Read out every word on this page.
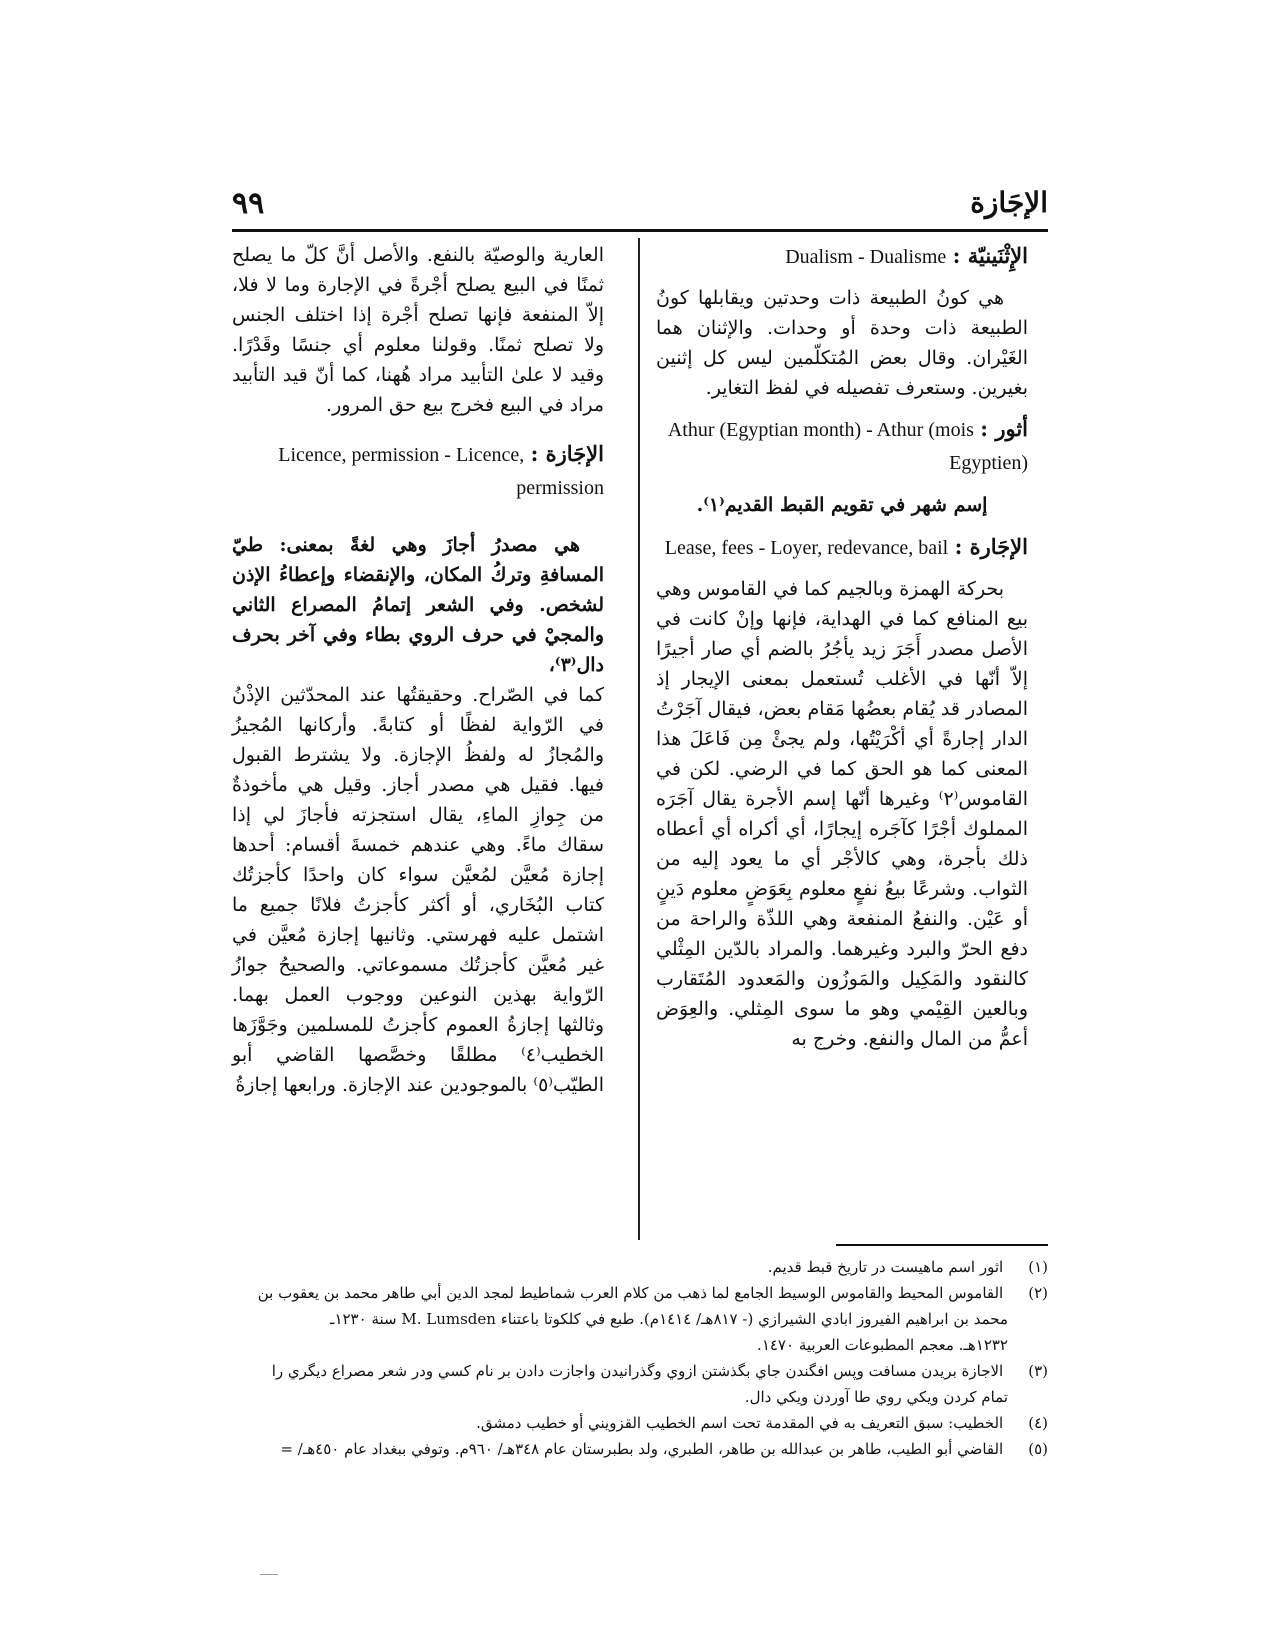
٩٩	الإجَازة

الإِثْنَينيّة : Dualism - Dualisme

هي كونُ الطبيعة ذات وحدتين ويقابلها كونُ الطبيعة ذات وحدة أو وحدات. والإثنان هما الغَيْران. وقال بعض المُتكلّمين ليس كل إثنين بغيرين. وستعرف تفصيله في لفظ التغاير.

أثور : Athur (Egyptian month) - Athur (mois Egyptien)

إسم شهر في تقويم القبط القديم⁽١⁾.

الإجَارة : Lease, fees - Loyer, redevance, bail

بحركة الهمزة وبالجيم كما في القاموس وهي بيع المنافع كما في الهداية، فإنها وإنْ كانت في الأصل مصدر أَجَرَ زيد يأجُرُ بالضم أي صار أجيرًا إلاّ أنّها في الأغلب تُستعمل بمعنى الإيجار إذ المصادر قد يُقام بعضُها مَقام بعض، فيقال آجَرْتُ الدار إجارةً أي أكْرَيْتُها، ولم يجئْ مِن فَاعَلَ هذا المعنى كما هو الحق كما في الرضي. لكن في القاموس⁽٢⁾ وغيرها أنّها إسم الأجرة يقال آجَرَه المملوك أجْرًا كآجَره إيجارًا، أي أكراه أي أعطاه ذلك بأجرة، وهي كالأجْر أي ما يعود إليه من الثواب. وشرعًا بيعُ نفعٍ معلوم بِعَوَضٍ معلوم دَينٍ أو عَيْن. والنفعُ المنفعة وهي اللذّة والراحة من دفع الحرّ والبرد وغيرهما. والمراد بالدّين المِثْلي كالنقود والمَكِيل والمَوزُون والمَعدود المُتَقارب وبالعين القِيْمي وهو ما سوى المِثلي. والعِوَض أعمُّ من المال والنفع. وخرج به

العارية والوصيّة بالنفع. والأصل أنَّ كلّ ما يصلح ثمنًا في البيع يصلح أجْرةً في الإجارة وما لا فلا، إلاّ المنفعة فإنها تصلح أجْرة إذا اختلف الجنس ولا تصلح ثمنًا. وقولنا معلوم أي جنسًا وقَدْرًا. وقيد لا علىٰ التأبيد مراد هُهنا، كما أنّ قيد التأبيد مراد في البيع فخرج بيع حق المرور.

الإجَازة : Licence, permission - Licence, permission

هي مصدرُ أجازَ وهي لغةً بمعنى: طيّ المسافةِ وتركُ المكان، والإنقضاء وإعطاءُ الإذن لشخص. وفي الشعر إتمامُ المصراع الثاني والمجيْ في حرف الروي بطاء وفي آخر بحرف دال⁽٣⁾،

كما في الصّراح. وحقيقتُها عند المحدّثين الإذْنُ في الرّواية لفظًا أو كتابةً. وأركانها المُجيزُ والمُجازُ له ولفظُ الإجازة. ولا يشترط القبول فيها. فقيل هي مصدر أجاز. وقيل هي مأخوذةٌ من جِوازِ الماءِ، يقال استجزته فأجازَ لي إذا سقاك ماءً. وهي عندهم خمسةَ أقسام: أحدها إجازة مُعيَّن لمُعيَّن سواء كان واحدًا كأجزتُك كتاب البُخَاري، أو أكثر كأجزتُ فلانًا جميع ما اشتمل عليه فهرستي. وثانيها إجازة مُعيَّن في غير مُعيَّن كأجزتُك مسموعاتي. والصحيحُ جوازُ الرّواية بهذين النوعين ووجوب العمل بهما. وثالثها إجازةُ العموم كأجزتُ للمسلمين وجَوَّزَها الخطيب⁽٤⁾ مطلقًا وخصَّصها القاضي أبو الطيّب⁽٥⁾ بالموجودين عند الإجازة. ورابعها إجازةُ

(١) اثور اسم ماهيست در تاريخ قبط قديم.

(٢) القاموس المحيط والقاموس الوسيط الجامع لما ذهب من كلام العرب شماطيط لمجد الدين أبي طاهر محمد بن يعقوب بن

محمد بن ابراهيم الفيروز ابادي الشيرازي (- ٨١٧هـ/ ١٤١٤م). طبع في كلكوتا باعتناء M. Lumsden سنة ١٢٣٠ـ

١٢٣٢هـ. معجم المطبوعات العربية ١٤٧٠.

(٣) الاجازة بريدن مسافت وپس افگندن جاي بگذشتن ازوي وگذرانيدن واجازت دادن بر نام كسي ودر شعر مصراع ديگري را

تمام كردن ويكي روي طا آوردن ويكي دال.

(٤) الخطيب: سبق التعريف به في المقدمة تحت اسم الخطيب القزويني أو خطيب دمشق.

(٥) القاضي أبو الطيب، طاهر بن عبدالله بن طاهر، الطبري، ولد بطبرستان عام ٣٤٨هـ/ ٩٦٠م. وتوفي ببغداد عام ٤٥٠هـ/ =
